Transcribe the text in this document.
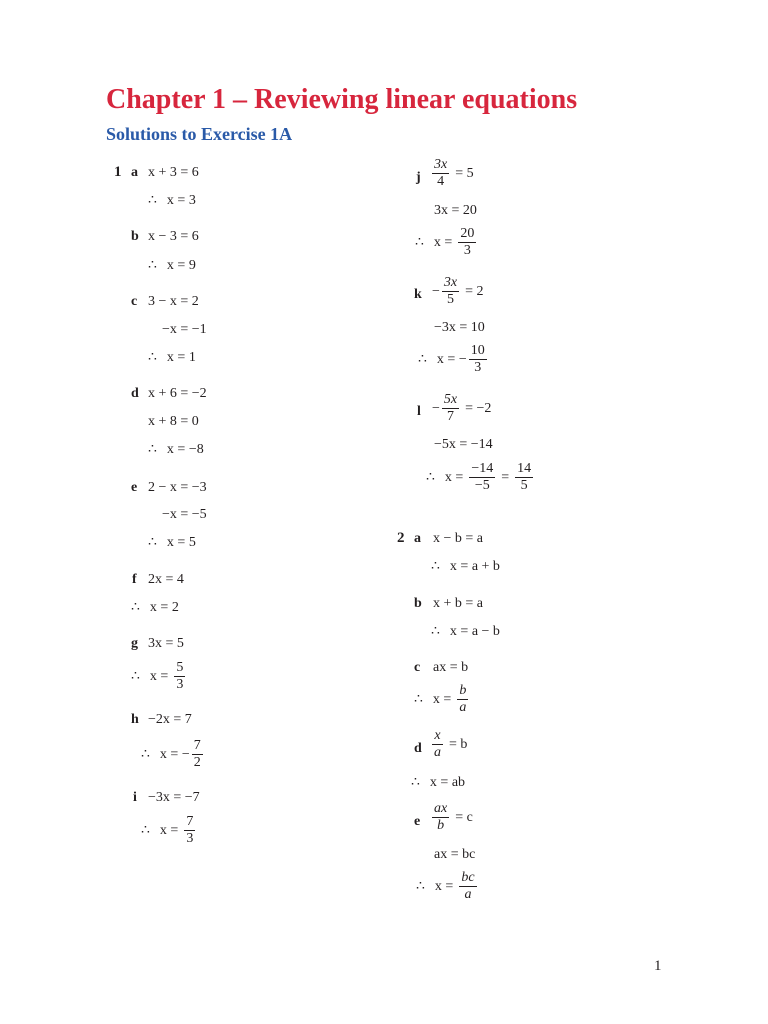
Chapter 1 – Reviewing linear equations
Solutions to Exercise 1A
1 a x + 3 = 6
∴ x = 3
b x − 3 = 6
∴ x = 9
c 3 − x = 2
−x = −1
∴ x = 1
d x + 6 = −2
x + 8 = 0
∴ x = −8
e 2 − x = −3
−x = −5
∴ x = 5
f 2x = 4
∴ x = 2
g 3x = 5
∴ $x = \frac{5}{3}$
h −2x = 7
∴ x = − $\frac{7}{2}$
i −3x = −7
∴ $x = \frac{7}{3}$
j $\frac{3x}{4} = 5$
3x = 20
∴ $x = \frac{20}{3}$
$k - \frac{3x}{5} = 2$
−3x = 10
∴ x = − $\frac{10}{3}$
$l - \frac{5x}{7} = -2$
−5x = −14
∴ $x = \frac{-14}{-5} = \frac{14}{5}$
2 a x − b = a
∴ x = a + b
b x + b = a
∴ x = a − b
c ax = b
∴ $x = \frac{b}{a}$
d $\frac{x}{a} = b$
∴ x = ab
e $\frac{ax}{b} = c$
ax = bc
∴ $x = \frac{bc}{a}$
1
